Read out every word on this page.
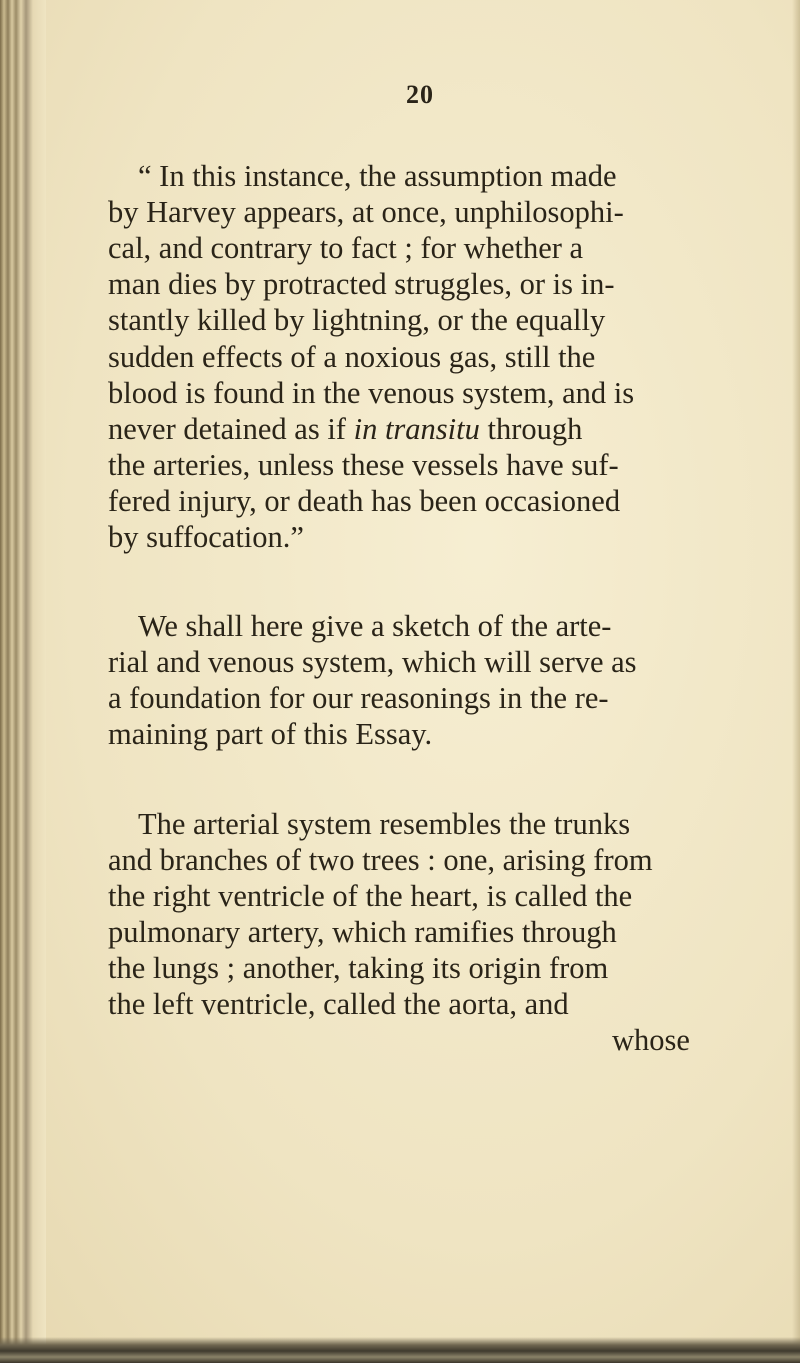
20
“ In this instance, the assumption made
by Harvey appears, at once, unphilosophi-
cal, and contrary to fact ; for whether a
man dies by protracted struggles, or is in-
stantly killed by lightning, or the equally
sudden effects of a noxious gas, still the
blood is found in the venous system, and is
never detained as if in transitu through
the arteries, unless these vessels have suf-
fered injury, or death has been occasioned
by suffocation.”
We shall here give a sketch of the arte-
rial and venous system, which will serve as
a foundation for our reasonings in the re-
maining part of this Essay.
The arterial system resembles the trunks
and branches of two trees : one, arising from
the right ventricle of the heart, is called the
pulmonary artery, which ramifies through
the lungs ; another, taking its origin from
the left ventricle, called the aorta, and
whose
